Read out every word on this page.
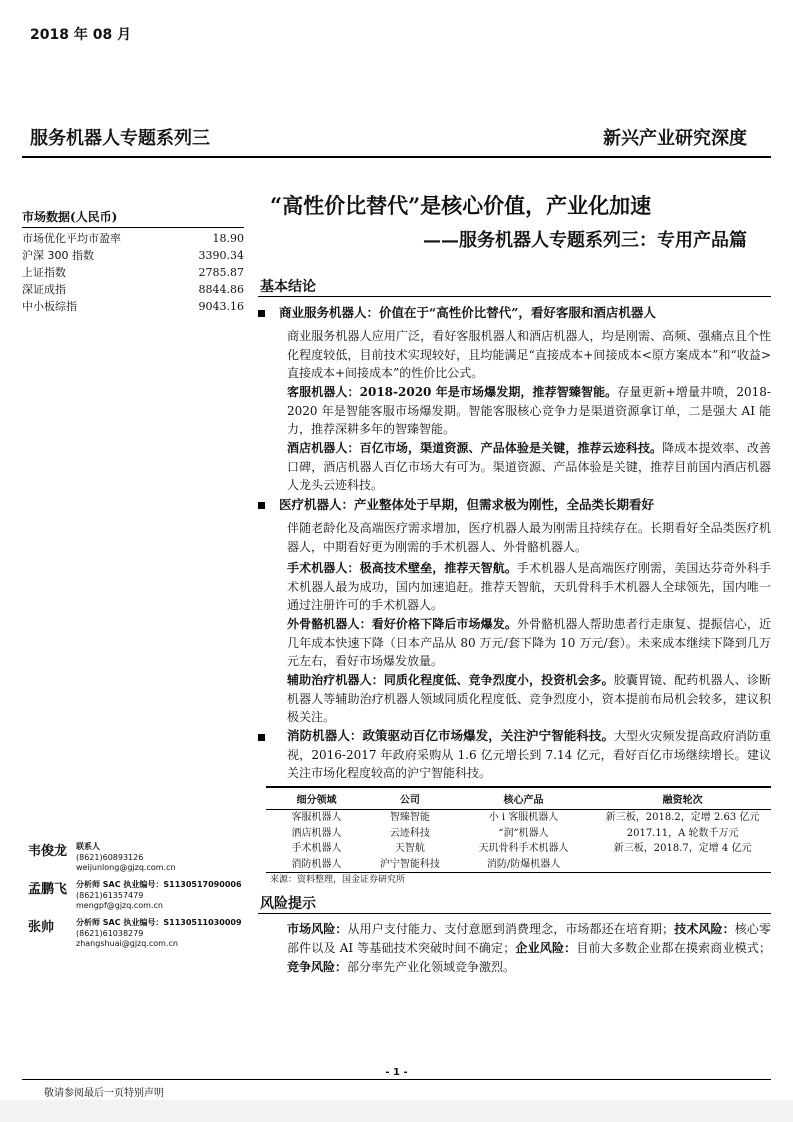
2018 年 08 月
服务机器人专题系列三	新兴产业研究深度
市场数据(人民币)
市场优化平均市盈率	18.90
沪深 300 指数	3390.34
上证指数	2785.87
深证成指	8844.86
中小板综指	9043.16
“高性价比替代”是核心价值，产业化加速
——服务机器人专题系列三：专用产品篇
基本结论
商业服务机器人：价值在于“高性价比替代”，看好客服和酒店机器人
商业服务机器人应用广泛，看好客服机器人和酒店机器人，均是刚需、高频、强痛点且个性化程度较低，目前技术实现较好，且均能满足“直接成本+间接成本<原方案成本”和“收益>直接成本+间接成本”的性价比公式。
客服机器人：2018-2020 年是市场爆发期，推荐智臻智能。存量更新+增量井喷，2018-2020 年是智能客服市场爆发期。智能客服核心竞争力是渠道资源拿订单，二是强大 AI 能力，推荐深耕多年的智臻智能。
酒店机器人：百亿市场，渠道资源、产品体验是关键，推荐云迹科技。降成本提效率、改善口碑，酒店机器人百亿市场大有可为。渠道资源、产品体验是关键，推荐目前国内酒店机器人龙头云迹科技。
医疗机器人：产业整体处于早期，但需求极为刚性，全品类长期看好
伴随老龄化及高端医疗需求增加，医疗机器人最为刚需且持续存在。长期看好全品类医疗机器人，中期看好更为刚需的手术机器人、外骨骼机器人。
手术机器人：极高技术壁垒，推荐天智航。手术机器人是高端医疗刚需，美国达芬奇外科手术机器人最为成功，国内加速追赶。推荐天智航，天玑骨科手术机器人全球领先，国内唯一通过注册许可的手术机器人。
外骨骼机器人：看好价格下降后市场爆发。外骨骼机器人帮助患者行走康复、提振信心，近几年成本快速下降（日本产品从 80 万元/套下降为 10 万元/套）。未来成本继续下降到几万元左右，看好市场爆发放量。
辅助治疗机器人：同质化程度低、竞争烈度小，投资机会多。胶囊胃镜、配药机器人、诊断机器人等辅助治疗机器人领域同质化程度低、竞争烈度小，资本提前布局机会较多，建议积极关注。
消防机器人：政策驱动百亿市场爆发，关注沪宁智能科技。大型火灾频发提高政府消防重视，2016-2017 年政府采购从 1.6 亿元增长到 7.14 亿元，看好百亿市场继续增长。建议关注市场化程度较高的沪宁智能科技。
细分领域	公司	核心产品	融资轮次
客服机器人	智臻智能	小 i 客服机器人	新三板，2018.2，定增 2.63 亿元
酒店机器人	云迹科技	“润”机器人	2017.11，A 轮数千万元
手术机器人	天智航	天玑骨科手术机器人	新三板，2018.7，定增 4 亿元
消防机器人	沪宁智能科技	消防/防爆机器人	
来源：资料整理，国金证券研究所
风险提示
市场风险：从用户支付能力、支付意愿到消费理念，市场都还在培育期；技术风险：核心零部件以及 AI 等基础技术突破时间不确定；企业风险：目前大多数企业都在摸索商业模式；竞争风险：部分率先产业化领域竞争激烈。
韦俊龙 联系人
(8621)60893126
weijunlong@gjzq.com.cn
孟鹏飞 分析师 SAC 执业编号：S1130517090006
(8621)61357479
mengpf@gjzq.com.cn
张帅	分析师 SAC 执业编号：S1130511030009
(8621)61038279
zhangshuai@gjzq.com.cn
- 1 -
敬请参阅最后一页特别声明
